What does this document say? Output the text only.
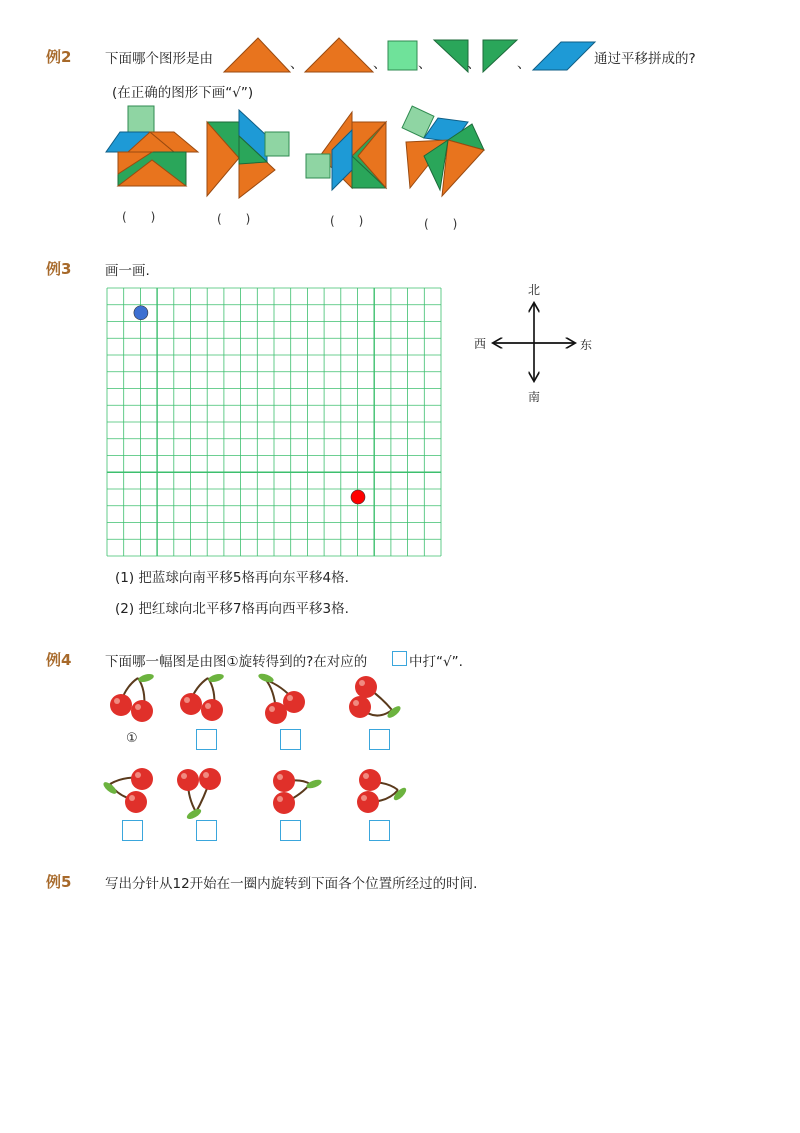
例2 下面哪个图形是由	、	、 、	、	、	通过平移拼成的?
(在正确的图形下画“√”)
(　　)	(　　)	(　　)	(　　)
例3 画一画.
北
南
东
西
(1) 把蓝球向南平移5格再向东平移4格.
(2) 把红球向北平移7格再向西平移3格.
例4 下面哪一幅图是由图①旋转得到的?在对应的	中打“√”.
①
例5 写出分针从12开始在一圈内旋转到下面各个位置所经过的时间.
